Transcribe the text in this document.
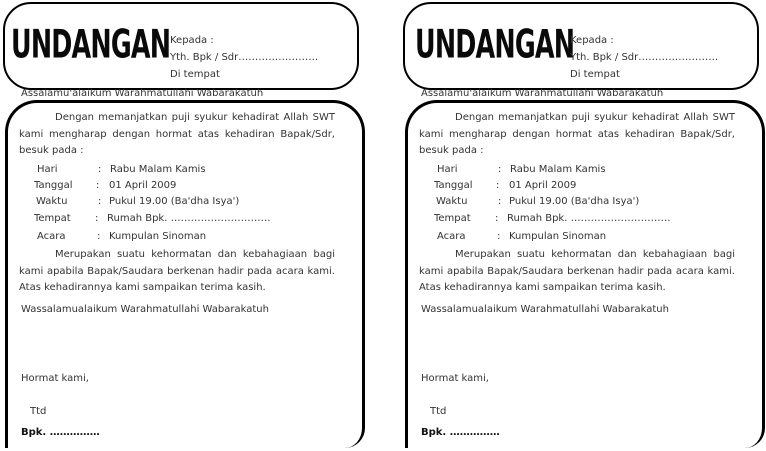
UNDANGAN Kepada :
Yth. Bpk / Sdr……………………
Di tempat
Assalamu'alaikum Warahmatullahi Wabarakatuh
Dengan memanjatkan puji syukur kehadirat Allah SWT kami mengharap dengan hormat atas kehadiran Bapak/Sdr, besuk pada :
Hari	: Rabu Malam Kamis
Tanggal : 01 April 2009
Waktu	: Pukul 19.00 (Ba'dha Isya')
Tempat : Rumah Bpk. …………………………
Acara	: Kumpulan Sinoman
Merupakan suatu kehormatan dan kebahagiaan bagi kami apabila Bapak/Saudara berkenan hadir pada acara kami. Atas kehadirannya kami sampaikan terima kasih.
Wassalamualaikum Warahmatullahi Wabarakatuh
Hormat kami,
Ttd
Bpk. ……………
UNDANGAN
Kepada :
Yth. Bpk / Sdr……………………
Di tempat
Assalamu'alaikum Warahmatullahi Wabarakatuh
Dengan memanjatkan puji syukur kehadirat Allah SWT kami mengharap dengan hormat atas kehadiran Bapak/Sdr, besuk pada :
Hari	: Rabu Malam Kamis
Tanggal : 01 April 2009
Waktu	: Pukul 19.00 (Ba'dha Isya')
Tempat : Rumah Bpk. …………………………
Acara	: Kumpulan Sinoman
Merupakan suatu kehormatan dan kebahagiaan bagi kami apabila Bapak/Saudara berkenan hadir pada acara kami. Atas kehadirannya kami sampaikan terima kasih.
Wassalamualaikum Warahmatullahi Wabarakatuh
Hormat kami,
Ttd
Bpk. ……………
